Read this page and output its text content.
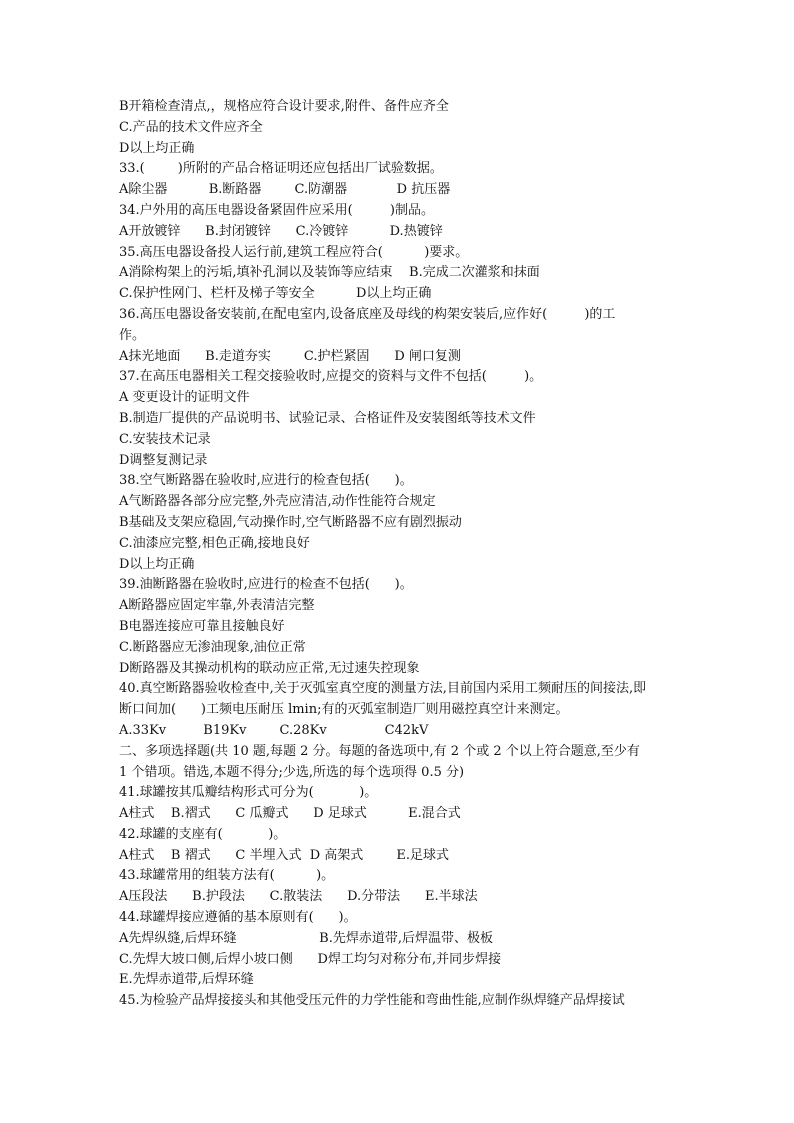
B开箱检查清点,，规格应符合设计要求,附件、备件应齐全
C.产品的技术文件应齐全
D以上均正确
33.(        )所附的产品合格证明还应包括出厂试验数据。
A除尘器          B.断路器        C.防潮器            D 抗压器
34.户外用的高压电器设备紧固件应采用(         )制品。
A开放镀锌      B.封闭镀锌      C.冷镀锌          D.热镀锌
35.高压电器设备投人运行前,建筑工程应符合(          )要求。
A消除构架上的污垢,填补孔洞以及装饰等应结束    B.完成二次灌浆和抹面
C.保护性网门、栏杆及梯子等安全          D以上均正确
36.高压电器设备安装前,在配电室内,设备底座及母线的构架安装后,应作好(         )的工
作。
A抹光地面      B.走道夯实        C.护栏紧固      D 闸口复测
37.在高压电器相关工程交接验收时,应提交的资料与文件不包括(         )。
A 变更设计的证明文件
B.制造厂提供的产品说明书、试验记录、合格证件及安装图纸等技术文件
C.安装技术记录
D调整复测记录
38.空气断路器在验收时,应进行的检查包括(      )。
A气断路器各部分应完整,外壳应清洁,动作性能符合规定
B基础及支架应稳固,气动操作时,空气断路器不应有剧烈振动
C.油漆应完整,相色正确,接地良好
D以上均正确
39.油断路器在验收时,应进行的检查不包括(      )。
A断路器应固定牢靠,外表清洁完整
B电器连接应可靠且接触良好
C.断路器应无渗油现象,油位正常
D断路器及其操动机构的联动应正常,无过速失控现象
40.真空断路器验收检查中,关于灭弧室真空度的测量方法,目前国内采用工频耐压的间接法,即
断口间加(      )工频电压耐压 lmin;有的灭弧室制造厂则用磁控真空计来测定。
A.33Kv         B19Kv        C.28Kv              C42kV
二、多项选择题(共 10 题,每题 2 分。每题的备选项中,有 2 个或 2 个以上符合题意,至少有
1 个错项。错选,本题不得分;少选,所选的每个选项得 0.5 分)
41.球罐按其瓜瓣结构形式可分为(           )。
A柱式    B.褶式      C 瓜瓣式      D 足球式          E.混合式
42.球罐的支座有(           )。
A柱式    B 褶式      C 半埋入式  D 高架式        E.足球式
43.球罐常用的组装方法有(          )。
A压段法      B.护段法      C.散装法      D.分带法      E.半球法
44.球罐焊接应遵循的基本原则有(      )。
A先焊纵缝,后焊环缝                    B.先焊赤道带,后焊温带、极板
C.先焊大坡口侧,后焊小坡口侧      D焊工均匀对称分布,并同步焊接
E.先焊赤道带,后焊环缝
45.为检验产品焊接接头和其他受压元件的力学性能和弯曲性能,应制作纵焊缝产品焊接试
